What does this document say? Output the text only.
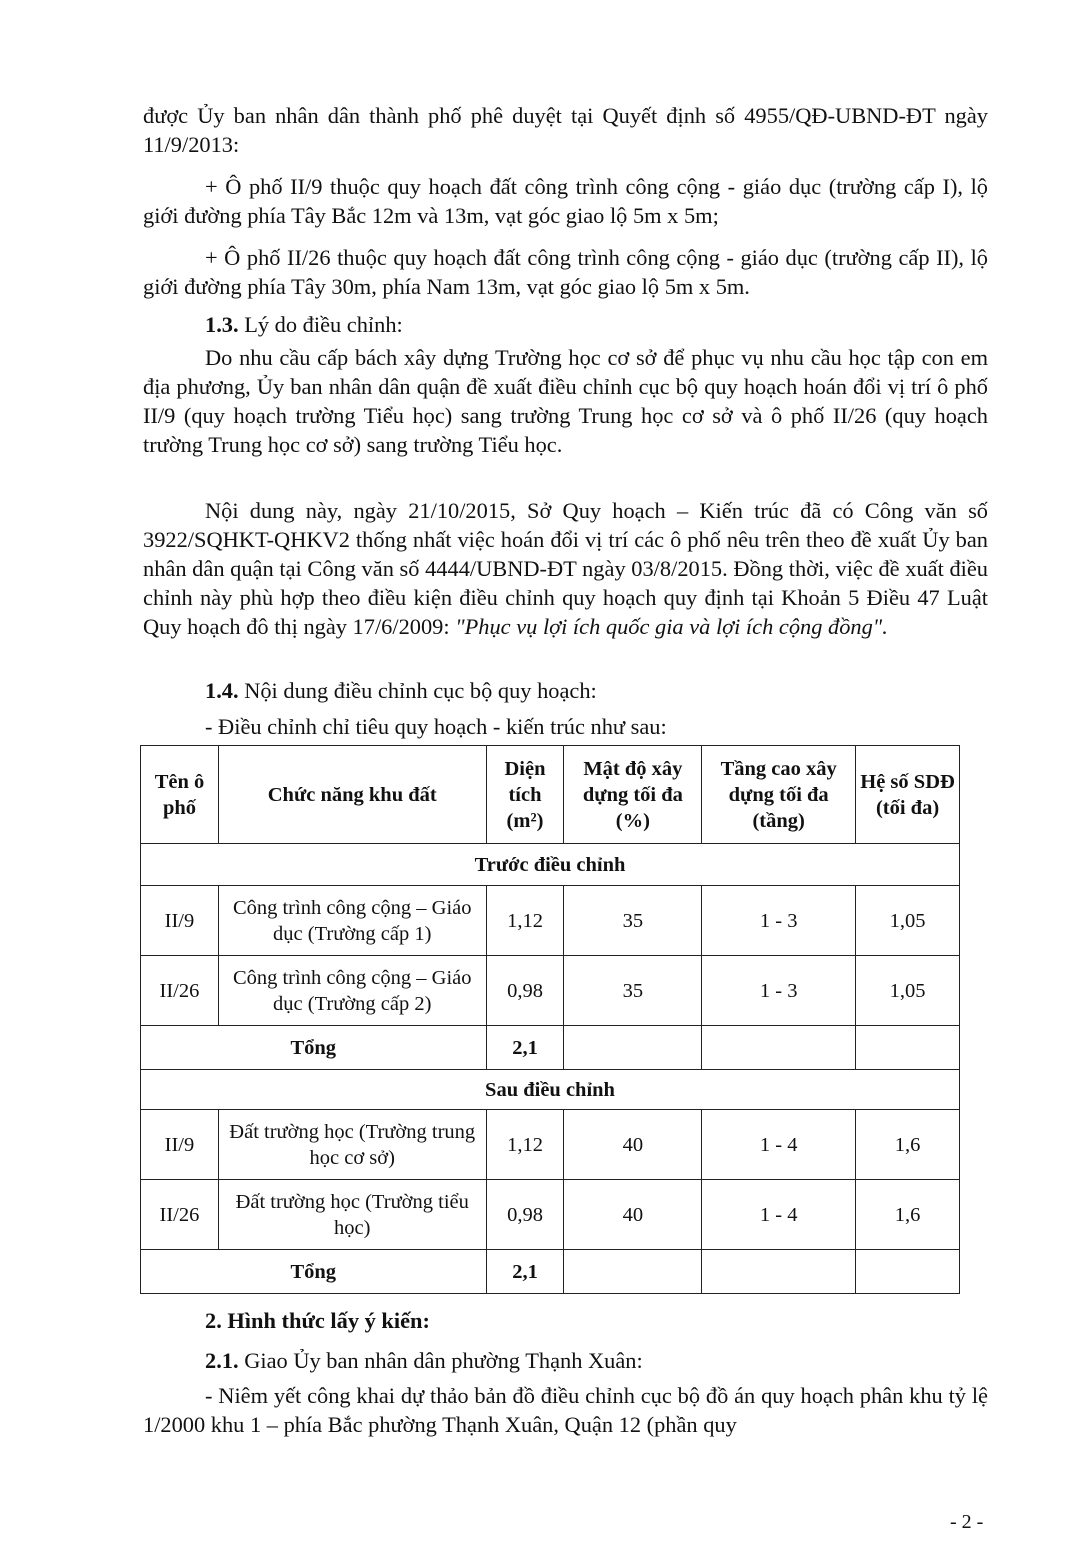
được Ủy ban nhân dân thành phố phê duyệt tại Quyết định số 4955/QĐ-UBND-ĐT ngày 11/9/2013:

+ Ô phố II/9 thuộc quy hoạch đất công trình công cộng - giáo dục (trường cấp I), lộ giới đường phía Tây Bắc 12m và 13m, vạt góc giao lộ 5m x 5m;

+ Ô phố II/26 thuộc quy hoạch đất công trình công cộng - giáo dục (trường cấp II), lộ giới đường phía Tây 30m, phía Nam 13m, vạt góc giao lộ 5m x 5m.

1.3. Lý do điều chỉnh:

Do nhu cầu cấp bách xây dựng Trường học cơ sở để phục vụ nhu cầu học tập con em địa phương, Ủy ban nhân dân quận đề xuất điều chỉnh cục bộ quy hoạch hoán đổi vị trí ô phố II/9 (quy hoạch trường Tiểu học) sang trường Trung học cơ sở và ô phố II/26 (quy hoạch trường Trung học cơ sở) sang trường Tiểu học.

Nội dung này, ngày 21/10/2015, Sở Quy hoạch – Kiến trúc đã có Công văn số 3922/SQHKT-QHKV2 thống nhất việc hoán đổi vị trí các ô phố nêu trên theo đề xuất Ủy ban nhân dân quận tại Công văn số 4444/UBND-ĐT ngày 03/8/2015. Đồng thời, việc đề xuất điều chỉnh này phù hợp theo điều kiện điều chỉnh quy hoạch quy định tại Khoản 5 Điều 47 Luật Quy hoạch đô thị ngày 17/6/2009: "Phục vụ lợi ích quốc gia và lợi ích cộng đồng".

1.4. Nội dung điều chỉnh cục bộ quy hoạch:

- Điều chỉnh chỉ tiêu quy hoạch - kiến trúc như sau:

Tên ô phố	Chức năng khu đất	Diện tích (m²)	Mật độ xây dựng tối đa (%)	Tầng cao xây dựng tối đa (tầng)	Hệ số SDĐ (tối đa)
Trước điều chỉnh					
II/9	Công trình công cộng – Giáo dục (Trường cấp 1)	1,12	35	1 - 3	1,05
II/26	Công trình công cộng – Giáo dục (Trường cấp 2)	0,98	35	1 - 3	1,05
Tổng		2,1			
Sau điều chỉnh					
II/9	Đất trường học (Trường trung học cơ sở)	1,12	40	1 - 4	1,6
II/26	Đất trường học (Trường tiểu học)	0,98	40	1 - 4	1,6
Tổng		2,1			

2. Hình thức lấy ý kiến:

2.1. Giao Ủy ban nhân dân phường Thạnh Xuân:

- Niêm yết công khai dự thảo bản đồ điều chỉnh cục bộ đồ án quy hoạch phân khu tỷ lệ 1/2000 khu 1 – phía Bắc phường Thạnh Xuân, Quận 12 (phần quy

- 2 -
